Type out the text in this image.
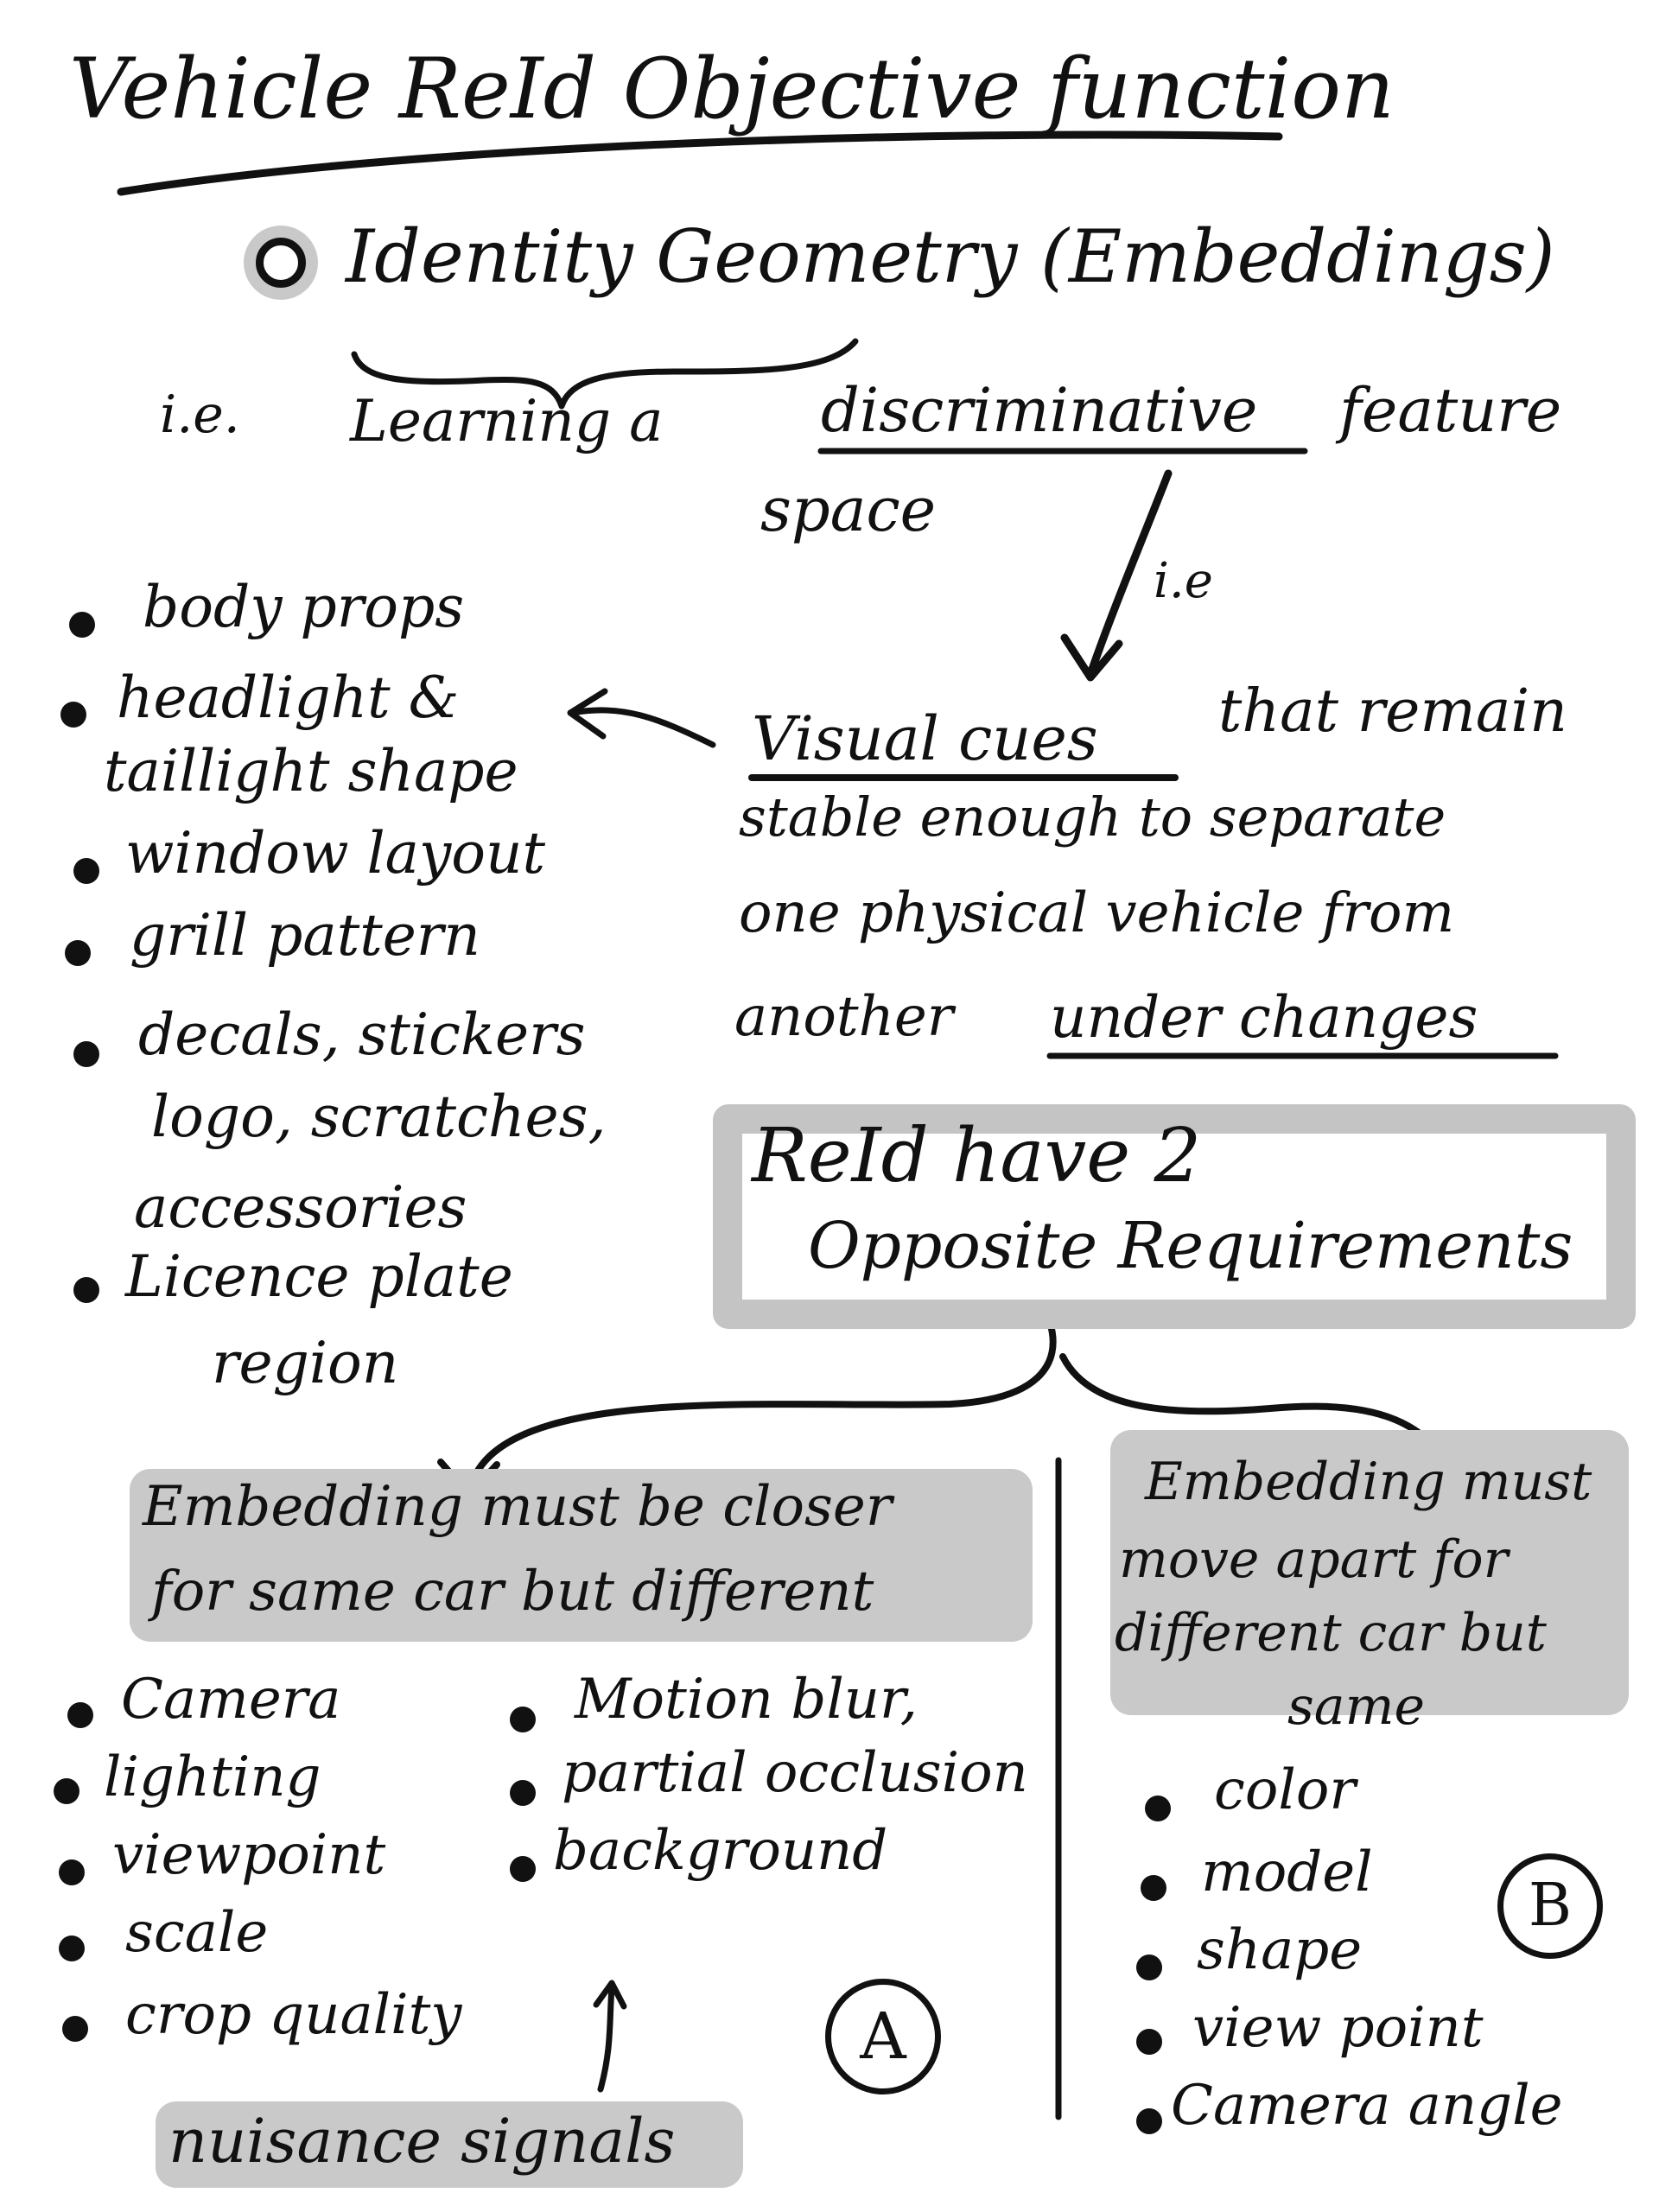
Vehicle ReId Objective function
Identity Geometry (Embeddings)
i.e. Learning a	discriminative feature
space
i.e
Visual cues that remain
stable enough to separate
one physical vehicle from
another under changes
body props
headlight &
taillight shape
window layout
grill pattern
decals, stickers
logo, scratches,
accessories
Licence plate
region
ReId have 2
Opposite Requirements
Embedding must be closer
for same car but different
Embedding must
move apart for
different car but
same
Camera
lighting
viewpoint
scale
crop quality
Motion blur,
partial occlusion
background
A
nuisance signals
color
model
shape
view point
Camera angle
B
